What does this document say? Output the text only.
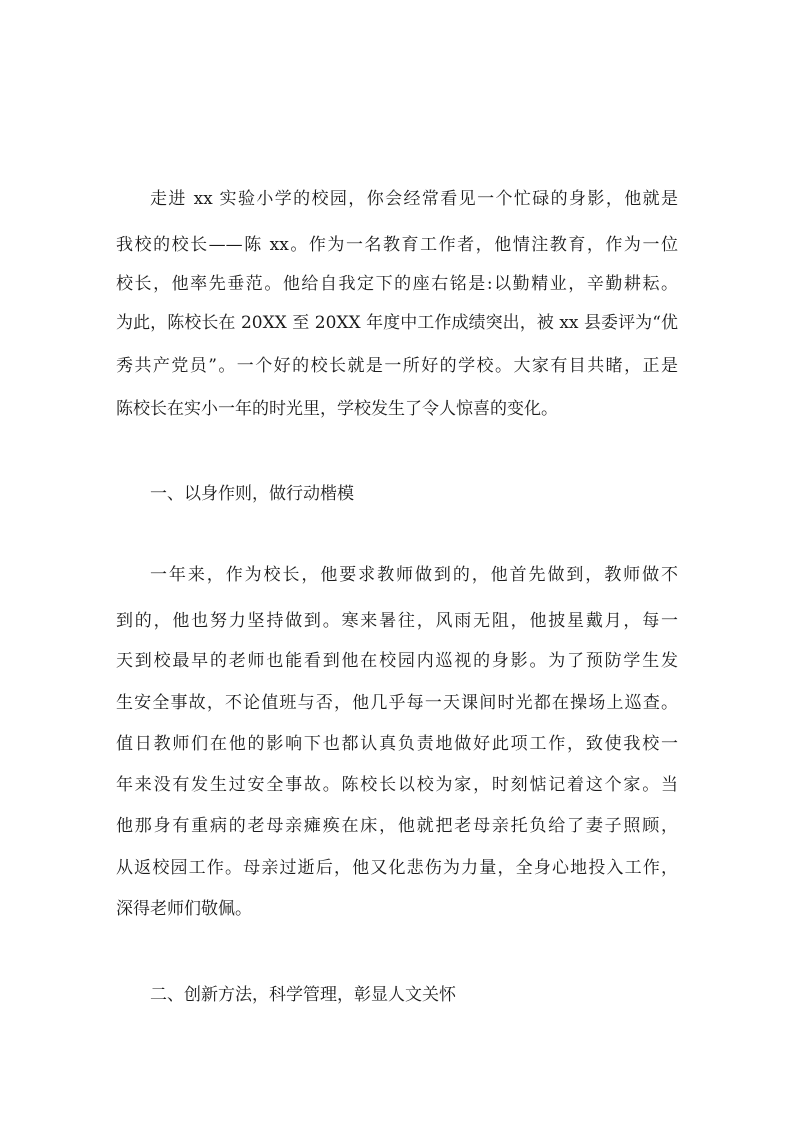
走进 xx 实验小学的校园，你会经常看见一个忙碌的身影，他就是
我校的校长——陈 xx。作为一名教育工作者，他情注教育，作为一位
校长，他率先垂范。他给自我定下的座右铭是:以勤精业，辛勤耕耘。
为此，陈校长在 20XX 至 20XX 年度中工作成绩突出，被 xx 县委评为“优
秀共产党员”。一个好的校长就是一所好的学校。大家有目共睹，正是
陈校长在实小一年的时光里，学校发生了令人惊喜的变化。
一、以身作则，做行动楷模
一年来，作为校长，他要求教师做到的，他首先做到，教师做不
到的，他也努力坚持做到。寒来暑往，风雨无阻，他披星戴月，每一
天到校最早的老师也能看到他在校园内巡视的身影。为了预防学生发
生安全事故，不论值班与否，他几乎每一天课间时光都在操场上巡查。
值日教师们在他的影响下也都认真负责地做好此项工作，致使我校一
年来没有发生过安全事故。陈校长以校为家，时刻惦记着这个家。当
他那身有重病的老母亲瘫痪在床，他就把老母亲托负给了妻子照顾，
从返校园工作。母亲过逝后，他又化悲伤为力量，全身心地投入工作，
深得老师们敬佩。
二、创新方法，科学管理，彰显人文关怀
